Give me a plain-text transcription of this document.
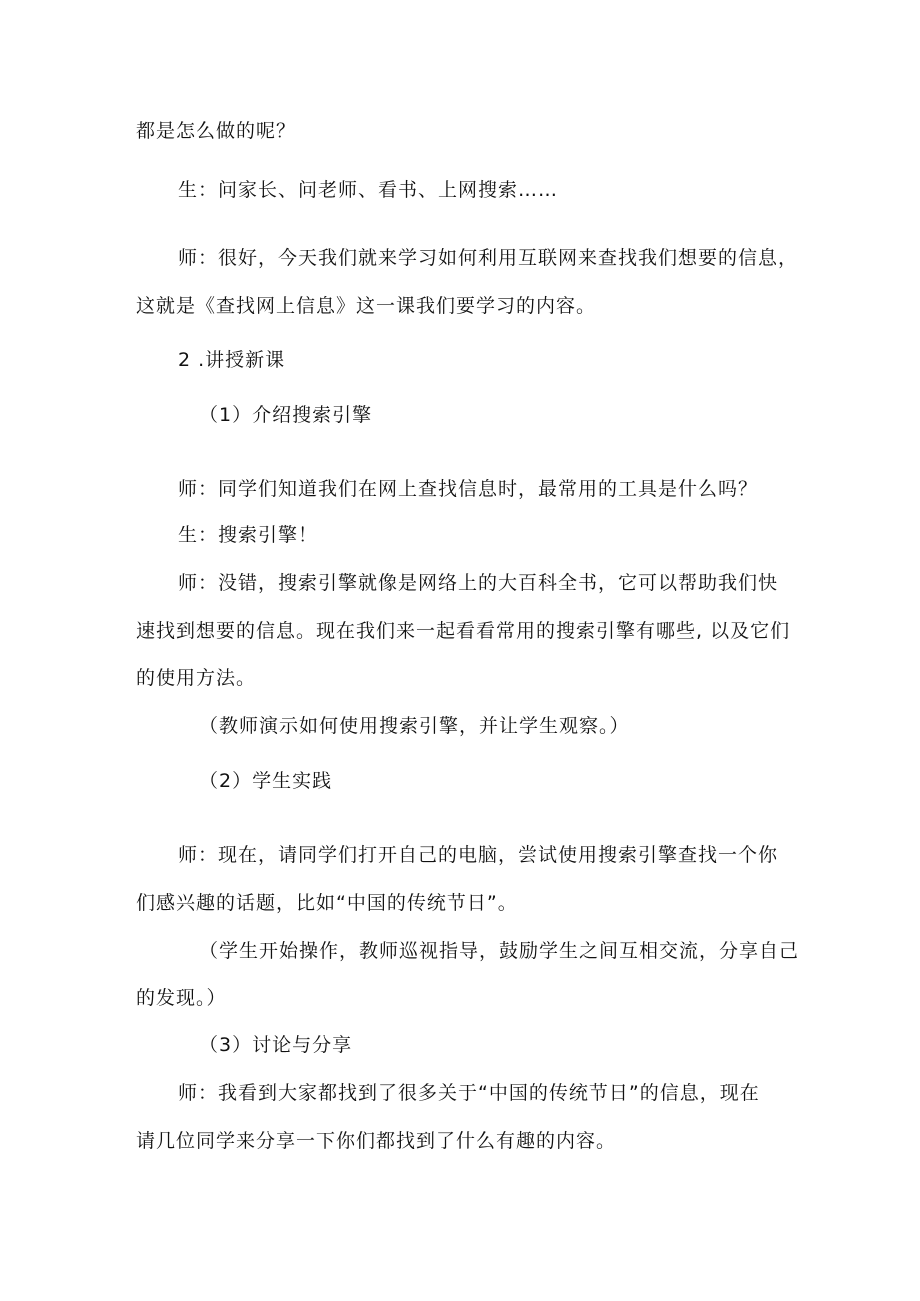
都是怎么做的呢？
生：问家长、问老师、看书、上网搜索……
师：很好，今天我们就来学习如何利用互联网来查找我们想要的信息，
这就是《查找网上信息》这一课我们要学习的内容。
2 .讲授新课
（1）介绍搜索引擎
师：同学们知道我们在网上查找信息时，最常用的工具是什么吗？
生：搜索引擎！
师：没错，搜索引擎就像是网络上的大百科全书，它可以帮助我们快
速找到想要的信息。现在我们来一起看看常用的搜索引擎有哪些, 以及它们
的使用方法。
（教师演示如何使用搜索引擎，并让学生观察。）
（2）学生实践
师：现在，请同学们打开自己的电脑，尝试使用搜索引擎查找一个你
们感兴趣的话题，比如“中国的传统节日”。
（学生开始操作，教师巡视指导，鼓励学生之间互相交流，分享自己
的发现。）
（3）讨论与分享
师：我看到大家都找到了很多关于“中国的传统节日”的信息，现在
请几位同学来分享一下你们都找到了什么有趣的内容。
